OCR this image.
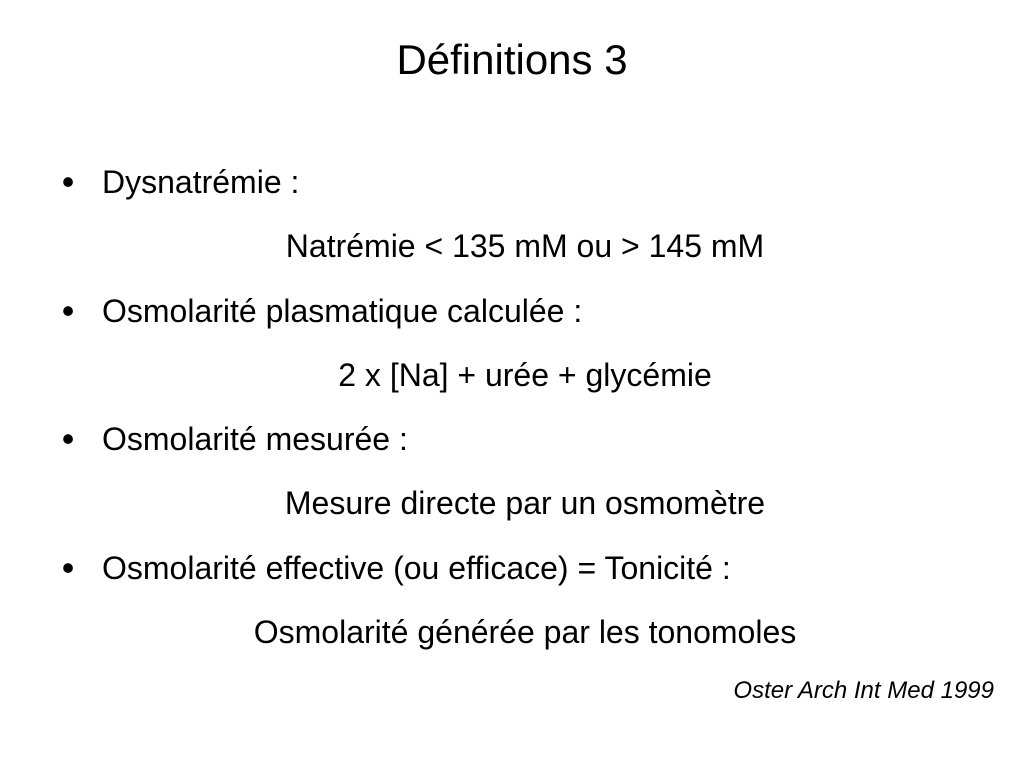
Définitions 3
• Dysnatrémie :
Natrémie < 135 mM ou > 145 mM
• Osmolarité plasmatique calculée :
2 x [Na] + urée + glycémie
• Osmolarité mesurée :
Mesure directe par un osmomètre
• Osmolarité effective (ou efficace) = Tonicité :
Osmolarité générée par les tonomoles
Oster Arch Int Med 1999
